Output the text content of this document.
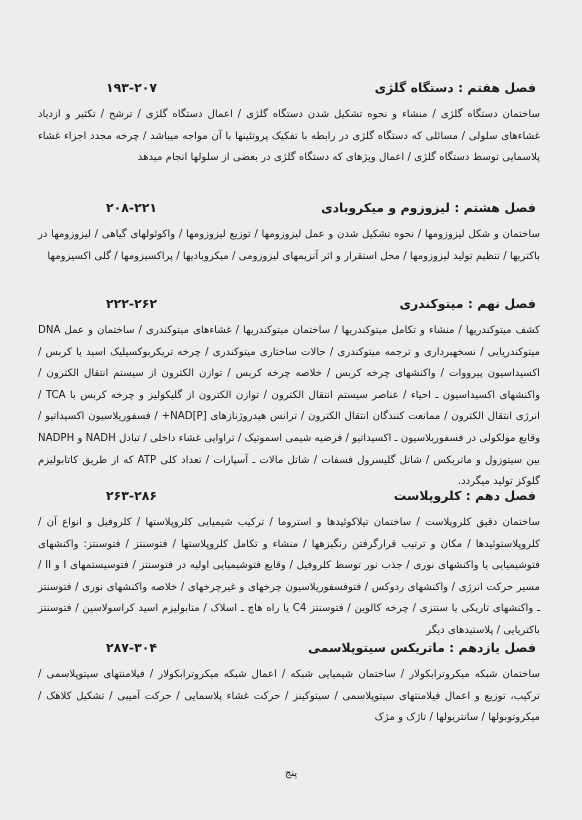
۱۹۳-۲۰۷	فصل هفتم : دستگاه گلژی
ساختمان دستگاه گلژی / منشاء و نحوه تشکیل شدن دستگاه گلژی / اعمال دستگاه گلژی / ترشح / تکثیر و ازدیاد غشاءهای سلولی / مسائلی که دستگاه گلژی در رابطه با تفکیک پروتئینها با آن مواجه میباشد / چرخه مجدد اجزاء غشاء پلاسمایی توسط دستگاه گلژی / اعمال ویژهای که دستگاه گلژی در بعضی از سلولها انجام میدهد
۲۰۸-۲۲۱	فصل هشتم : لیزوزوم و میکروبادی
ساختمان و شکل لیزوزومها / نحوه تشکیل شدن و عمل لیزوزومها / توزیع لیزوزومها / واکوئولهای گیاهی / لیزوزومها در باکتریها / تنظیم تولید لیزوزومها / محل استقرار و اثر آنزیمهای لیزوزومی / میکروبادیها / پراکسیزومها / گلی اکسیزومها
۲۲۲-۲۶۲	فصل نهم : میتوکندری
کشف میتوکندریها / منشاء و تکامل میتوکندریها / ساختمان میتوکندریها / غشاءهای میتوکندری / ساختمان و عمل DNA میتوکندریایی / نسخهبرداری و ترجمه میتوکندری / حالات ساختاری میتوکندری / چرخه تریکربوکسیلیک اسید یا کربس / اکسیداسیون پیرووات / واکنشهای چرخه کربس / خلاصه چرخه کربس / توازن الکترون از سیستم انتقال الکترون / واکنشهای اکسیداسیون ـ احیاء / عناصر سیستم انتقال الکترون / توازن الکترون از گلیکولیز و چرخه کربس با TCA / انرژی انتقال الکترون / ممانعت کنندگان انتقال الکترون / ترانس هیدروژنازهای NAD[P]+ / فسفوریلاسیون اکسیداتیو / وقایع مولکولی در فسفوریلاسیون ـ اکسیداتیو / فرضیه شیمی اسموتیک / تراوایی غشاء داخلی / تبادل NADH و NADPH بین سیتوزول و ماتریکس / شاتل گلیسرول فسفات / شاتل مالات ـ آسپارات / تعداد کلی ATP که از طریق کاتابولیزم گلوکز تولید میگردد.
۲۶۳-۲۸۶	فصل دهم : کلروپلاست
ساختمان دقیق کلروپلاست / ساختمان تیلاکوئیدها و استروما / ترکیب شیمیایی کلروپلاستها / کلروفیل و انواع آن / کلروپلاستوئیدها / مکان و ترتیب قرارگرفتن رنگیزهها / منشاء و تکامل کلروپلاستها / فتوسنتز / فتوسنتز: واکنشهای فتوشیمیایی یا واکنشهای نوری / جذب نور توسط کلروفیل / وقایع فتوشیمیایی اولیه در فتوسنتز / فتوسیستمهای I و II / مسیر حرکت انرژی / واکنشهای ردوکس / فتوفسفوریلاسیون چرخهای و غیرچرخهای / خلاصه واکنشهای نوری / فتوسنتز ـ واکنشهای تاریکی یا سنتزی / چرخه کالوین / فتوسنتز C4 یا راه هاچ ـ اسلاک / متابولیزم اسید کراسولاسین / فتوسنتز باکتریایی / پلاستیدهای دیگر
۲۸۷-۳۰۴	فصل یازدهم : ماتریکس سیتوپلاسمی
ساختمان شبکه میکروترابکولار / ساختمان شیمیایی شبکه / اعمال شبکه میکروترابکولار / فیلامنتهای سیتوپلاسمی / ترکیب، توزیع و اعمال فیلامنتهای سیتوپلاسمی / سیتوکینز / حرکت غشاء پلاسمایی / حرکت آمیبی / تشکیل کلاهک / میکروتوبولها / سانتریولها / تاژک و مژک
پنج
